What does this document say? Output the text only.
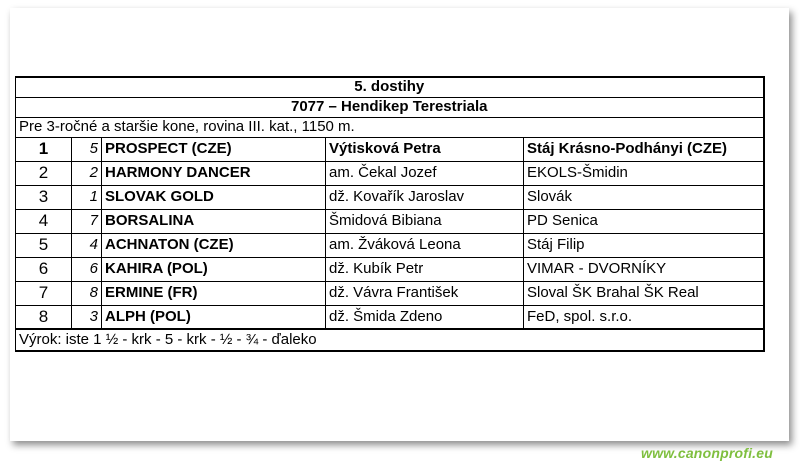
5. dostihy				
7077 – Hendikep Terestriala				
Pre 3-ročné a staršie kone, rovina III. kat., 1150 m.				
1	5	PROSPECT (CZE)	Výtisková Petra	Stáj Krásno-Podhányi (CZE)
2	2	HARMONY DANCER	am. Čekal Jozef	EKOLS-Šmidin
3	1	SLOVAK GOLD	dž. Kovařík Jaroslav	Slovák
4	7	BORSALINA	Šmidová Bibiana	PD Senica
5	4	ACHNATON (CZE)	am. Žváková Leona	Stáj Filip
6	6	KAHIRA (POL)	dž. Kubík Petr	VIMAR - DVORNÍKY
7	8	ERMINE (FR)	dž. Vávra František	Sloval ŠK Brahal ŠK Real
8	3	ALPH (POL)	dž. Šmida Zdeno	FeD, spol. s.r.o.
Výrok: iste 1 ½ - krk - 5 - krk - ½ - ¾ - ďaleko				
www.canonprofi.eu
